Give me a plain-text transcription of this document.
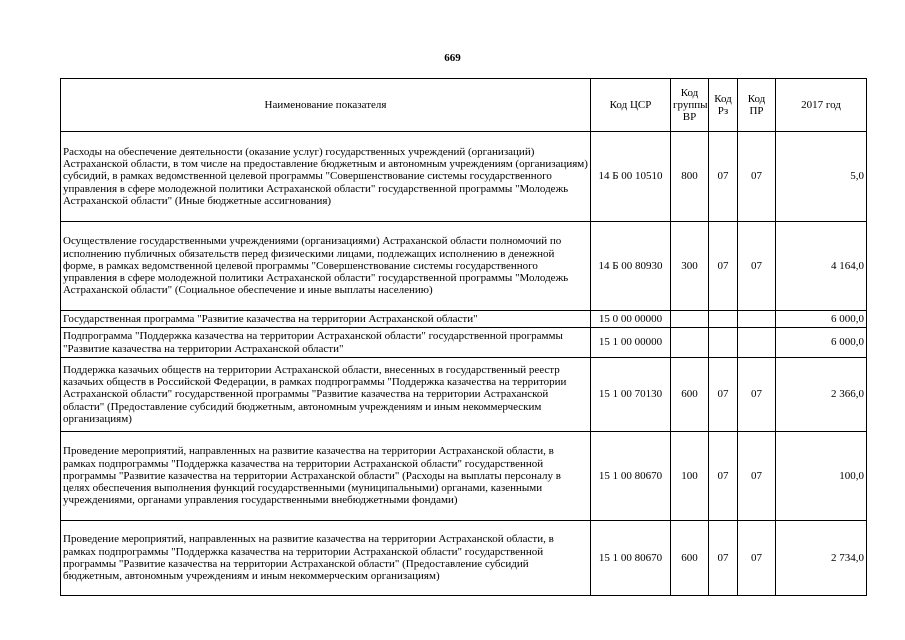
669
Наименование показателя	Код ЦСР	Код группы ВР	Код Рз	Код ПР	2017 год
Расходы на обеспечение деятельности (оказание услуг) государственных учреждений (организаций) Астраханской области, в том числе на предоставление бюджетным и автономным учреждениям (организациям) субсидий, в рамках ведомственной целевой программы "Совершенствование системы государственного управления в сфере молодежной политики Астраханской области" государственной программы "Молодежь Астраханской области" (Иные бюджетные ассигнования)	14 Б 00 10510	800	07	07	5,0
Осуществление государственными учреждениями (организациями) Астраханской области полномочий по исполнению публичных обязательств перед физическими лицами, подлежащих исполнению в денежной форме, в рамках ведомственной целевой программы "Совершенствование системы государственного управления в сфере молодежной политики Астраханской области" государственной программы "Молодежь Астраханской области" (Социальное обеспечение и иные выплаты населению)	14 Б 00 80930	300	07	07	4 164,0
Государственная программа "Развитие казачества на территории Астраханской области"	15 0 00 00000				6 000,0
Подпрограмма "Поддержка казачества на территории Астраханской области" государственной программы "Развитие казачества на территории Астраханской области"	15 1 00 00000				6 000,0
Поддержка казачьих обществ на территории Астраханской области, внесенных в государственный реестр казачьих обществ в Российской Федерации, в рамках подпрограммы "Поддержка казачества на территории Астраханской области" государственной программы "Развитие казачества на территории Астраханской области" (Предоставление субсидий бюджетным, автономным учреждениям и иным некоммерческим организациям)	15 1 00 70130	600	07	07	2 366,0
Проведение мероприятий, направленных на развитие казачества на территории Астраханской области, в рамках подпрограммы "Поддержка казачества на территории Астраханской области" государственной программы "Развитие казачества на территории Астраханской области" (Расходы на выплаты персоналу в целях обеспечения выполнения функций государственными (муниципальными) органами, казенными учреждениями, органами управления государственными внебюджетными фондами)	15 1 00 80670	100	07	07	100,0
Проведение мероприятий, направленных на развитие казачества на территории Астраханской области, в рамках подпрограммы "Поддержка казачества на территории Астраханской области" государственной программы "Развитие казачества на территории Астраханской области" (Предоставление субсидий бюджетным, автономным учреждениям и иным некоммерческим организациям)	15 1 00 80670	600	07	07	2 734,0
